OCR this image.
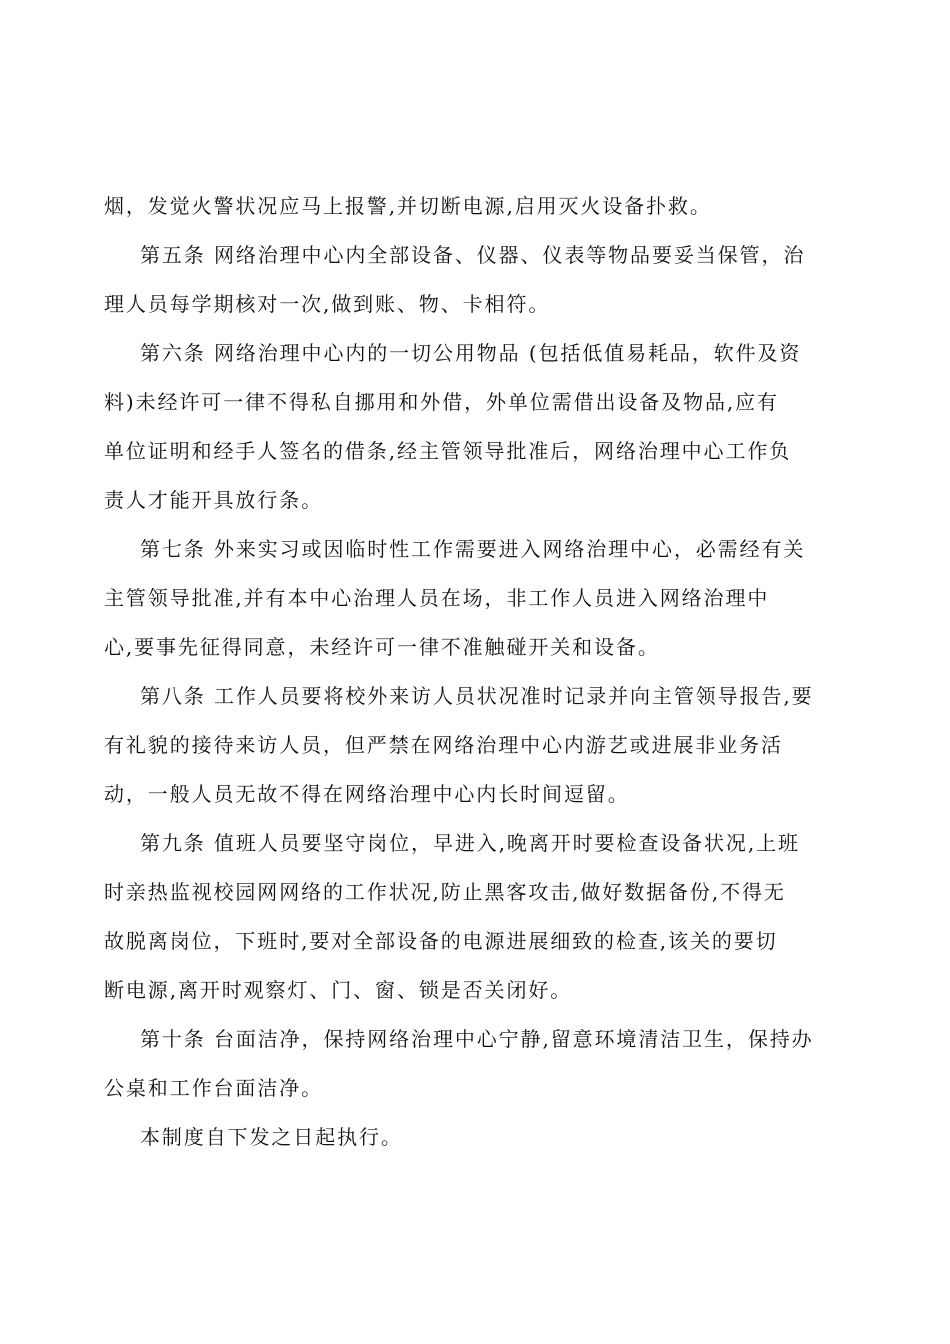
烟，发觉火警状况应马上报警,并切断电源,启用灭火设备扑救。
第五条 网络治理中心内全部设备、仪器、仪表等物品要妥当保管，治
理人员每学期核对一次,做到账、物、卡相符。
第六条 网络治理中心内的一切公用物品 (包括低值易耗品，软件及资
料)未经许可一律不得私自挪用和外借，外单位需借出设备及物品,应有
单位证明和经手人签名的借条,经主管领导批准后，网络治理中心工作负
责人才能开具放行条。
第七条 外来实习或因临时性工作需要进入网络治理中心，必需经有关
主管领导批准,并有本中心治理人员在场，非工作人员进入网络治理中
心,要事先征得同意，未经许可一律不准触碰开关和设备。
第八条 工作人员要将校外来访人员状况准时记录并向主管领导报告,要
有礼貌的接待来访人员，但严禁在网络治理中心内游艺或进展非业务活
动，一般人员无故不得在网络治理中心内长时间逗留。
第九条 值班人员要坚守岗位，早进入,晚离开时要检查设备状况,上班
时亲热监视校园网网络的工作状况,防止黑客攻击,做好数据备份,不得无
故脱离岗位，下班时,要对全部设备的电源进展细致的检查,该关的要切
断电源,离开时观察灯、门、窗、锁是否关闭好。
第十条 台面洁净，保持网络治理中心宁静,留意环境清洁卫生，保持办
公桌和工作台面洁净。
本制度自下发之日起执行。
